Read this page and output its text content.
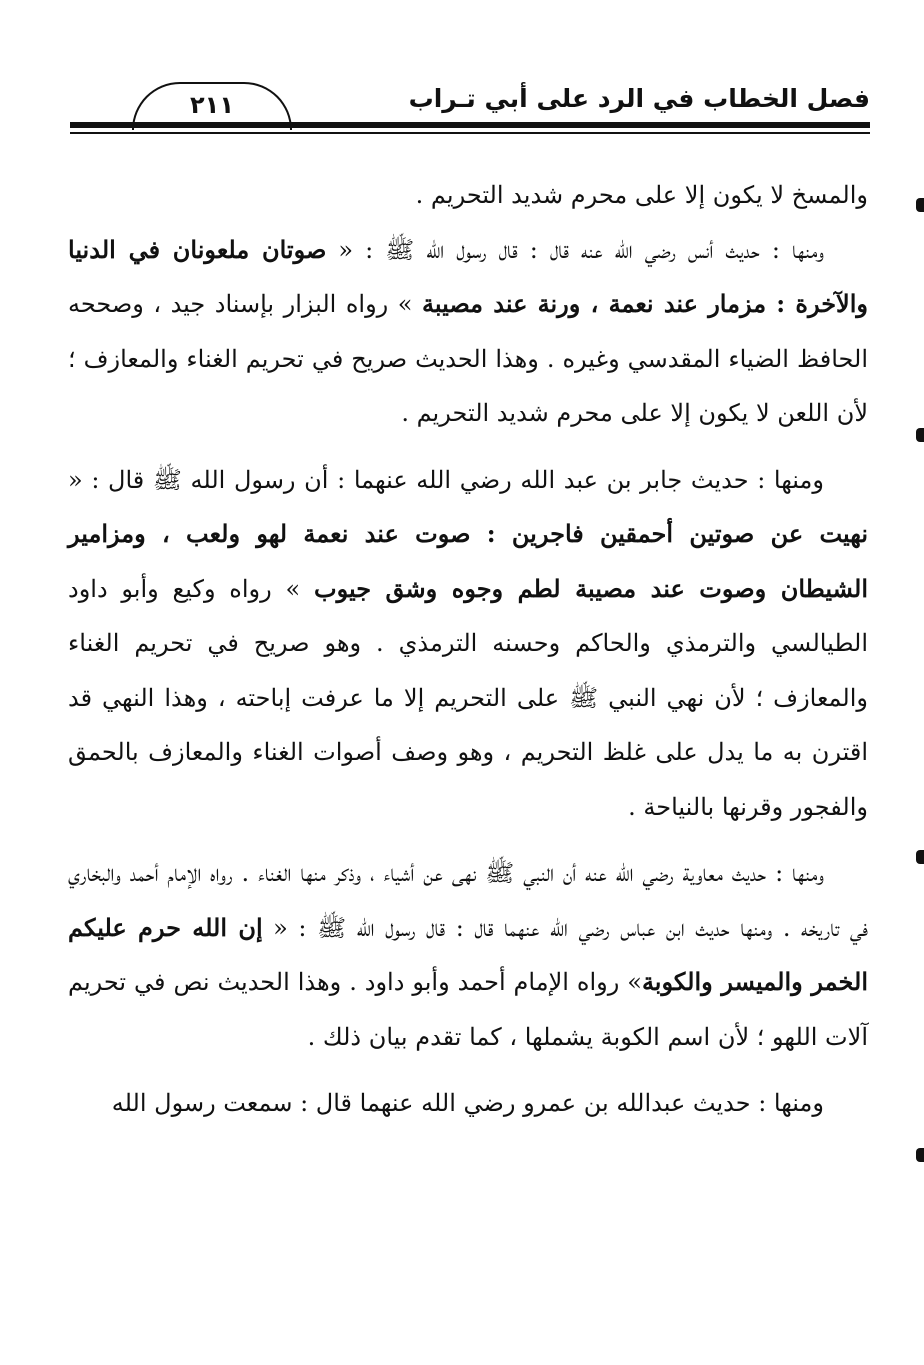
٢١١	فصل الخطاب في الرد على أبي تـراب

والمسخ لا يكون إلا على محرم شديد التحريم .

ومنها : حديث أنس رضي الله عنه قال : قال رسول الله ﷺ : « صوتان ملعونان في الدنيا والآخرة : مزمار عند نعمة ، ورنة عند مصيبة » رواه البزار بإسناد جيد ، وصححه الحافظ الضياء المقدسي وغيره . وهذا الحديث صريح في تحريم الغناء والمعازف ؛ لأن اللعن لا يكون إلا على محرم شديد التحريم .

ومنها : حديث جابر بن عبد الله رضي الله عنهما : أن رسول الله ﷺ قال : « نهيت عن صوتين أحمقين فاجرين : صوت عند نعمة لهو ولعب ، ومزامير الشيطان وصوت عند مصيبة لطم وجوه وشق جيوب » رواه وكيع وأبو داود الطيالسي والترمذي والحاكم وحسنه الترمذي . وهو صريح في تحريم الغناء والمعازف ؛ لأن نهي النبي ﷺ على التحريم إلا ما عرفت إباحته ، وهذا النهي قد اقترن به ما يدل على غلظ التحريم ، وهو وصف أصوات الغناء والمعازف بالحمق والفجور وقرنها بالنياحة .

ومنها : حديث معاوية رضي الله عنه أن النبي ﷺ نهى عن أشياء ، وذكر منها الغناء . رواه الإمام أحمد والبخاري في تاريخه . ومنها حديث ابن عباس رضي الله عنهما قال : قال رسول الله ﷺ : « إن الله حرم عليكم الخمر والميسر والكوبة» رواه الإمام أحمد وأبو داود . وهذا الحديث نص في تحريم آلات اللهو ؛ لأن اسم الكوبة يشملها ، كما تقدم بيان ذلك .

ومنها : حديث عبدالله بن عمرو رضي الله عنهما قال : سمعت رسول الله
